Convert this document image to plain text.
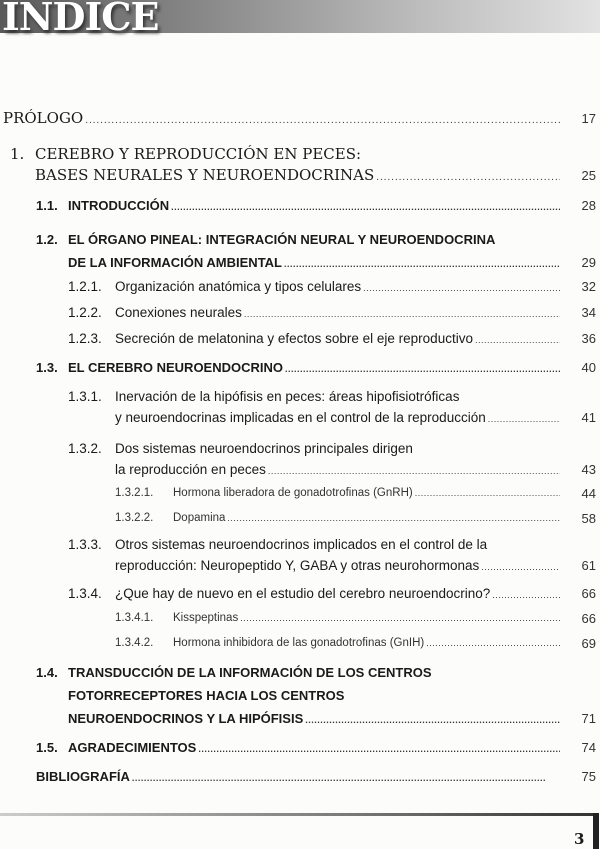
INDICE
PRÓLOGO . . .	17
1. CEREBRO Y REPRODUCCIÓN EN PECES:
BASES NEURALES Y NEUROENDOCRINAS . . .	25
1.1. INTRODUCCIÓN . . .	28
1.2. EL ÓRGANO PINEAL: INTEGRACIÓN NEURAL Y NEUROENDOCRINA
DE LA INFORMACIÓN AMBIENTAL . . .	29
1.2.1. Organización anatómica y tipos celulares . . .	32
1.2.2. Conexiones neurales . . .	34
1.2.3. Secreción de melatonina y efectos sobre el eje reproductivo . . .	36
1.3. EL CEREBRO NEUROENDOCRINO . . .	40
1.3.1. Inervación de la hipófisis en peces: áreas hipofisiotróficas
y neuroendocrinas implicadas en el control de la reproducción . . .	41
1.3.2. Dos sistemas neuroendocrinos principales dirigen
la reproducción en peces . . .	43
1.3.2.1. Hormona liberadora de gonadotrofinas (GnRH) . . .	44
1.3.2.2. Dopamina . . .	58
1.3.3. Otros sistemas neuroendocrinos implicados en el control de la
reproducción: Neuropeptido Y, GABA y otras neurohormonas . . .	61
1.3.4. ¿Que hay de nuevo en el estudio del cerebro neuroendocrino? . . .	66
1.3.4.1. Kisspeptinas . . .	66
1.3.4.2. Hormona inhibidora de las gonadotrofinas (GnIH) . . .	69
1.4. TRANSDUCCIÓN DE LA INFORMACIÓN DE LOS CENTROS
FOTORRECEPTORES HACIA LOS CENTROS
NEUROENDOCRINOS Y LA HIPÓFISIS . . .	71
1.5. AGRADECIMIENTOS . . .	74
BIBLIOGRAFÍA . . .	75
3
